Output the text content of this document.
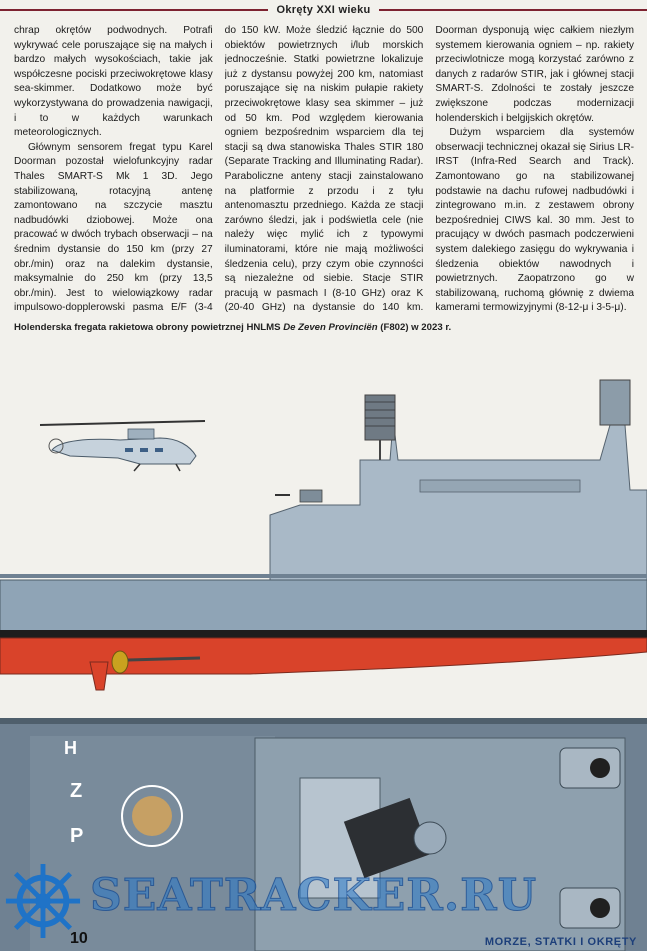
Okręty XXI wieku

chrap okrętów podwodnych. Potrafi wykrywać cele poruszające się na małych i bardzo małych wysokościach, takie jak współczesne pociski przeciwokrętowe klasy sea-skimmer. Dodatkowo może być wykorzystywana do prowadzenia nawigacji, i to w każdych warunkach meteorologicznych.

Głównym sensorem fregat typu Karel Doorman pozostał wielofunkcyjny radar Thales SMART-S Mk 1 3D. Jego stabilizowaną, rotacyjną antenę zamontowano na szczycie masztu nadbudówki dziobowej. Może ona pracować w dwóch trybach obserwacji – na średnim dystansie do 150 km (przy 27 obr./min) oraz na dalekim dystansie, maksymalnie do 250 km (przy 13,5 obr./min). Jest to wielowiązkowy radar impulsowo-dopplerowski pasma E/F (3-4

do 150 kW. Może śledzić łącznie do 500 obiektów powietrznych i/lub morskich jednocześnie. Statki powietrzne lokalizuje już z dystansu powyżej 200 km, natomiast poruszające się na niskim pułapie rakiety przeciwokrętowe klasy sea skimmer – już od 50 km. Pod względem kierowania ogniem bezpośrednim wsparciem dla tej stacji są dwa stanowiska Thales STIR 180 (Separate Tracking and Illuminating Radar). Paraboliczne anteny stacji zainstalowano na platformie z przodu i z tyłu antenomasztu przedniego. Każda ze stacji zarówno śledzi, jak i podświetla cele (nie należy więc mylić ich z typowymi iluminatorami, które nie mają możliwości śledzenia celu), przy czym obie czynności są niezależne od siebie. Stacje STIR pracują w pasmach I (8-10 GHz) oraz K (20-40 GHz) na dystansie do 140 km.

Doorman dysponują więc całkiem niezłym systemem kierowania ogniem – np. rakiety przeciwlotnicze mogą korzystać zarówno z danych z radarów STIR, jak i głównej stacji SMART-S. Zdolności te zostały jeszcze zwiększone podczas modernizacji holenderskich i belgijskich okrętów.

Dużym wsparciem dla systemów obserwacji technicznej okazał się Sirius LR-IRST (Infra-Red Search and Track). Zamontowano go na stabilizowanej podstawie na dachu rufowej nadbudówki i zintegrowano m.in. z zestawem obrony bezpośredniej CIWS kal. 30 mm. Jest to pracujący w dwóch pasmach podczerwieni system dalekiego zasięgu do wykrywania i śledzenia obiektów nawodnych i powietrznych. Zaopatrzono go w stabilizowaną, ruchomą głównię z dwiema kamerami termowizyjnymi (8-12-μ i 3-5-μ).

Holenderska fregata rakietowa obrony powietrznej HNLMS De Zeven Provinciën (F802) w 2023 r.
H
Z
P
SEATRACKER.RU
10	MORZE, STATKI I OKRĘTY
